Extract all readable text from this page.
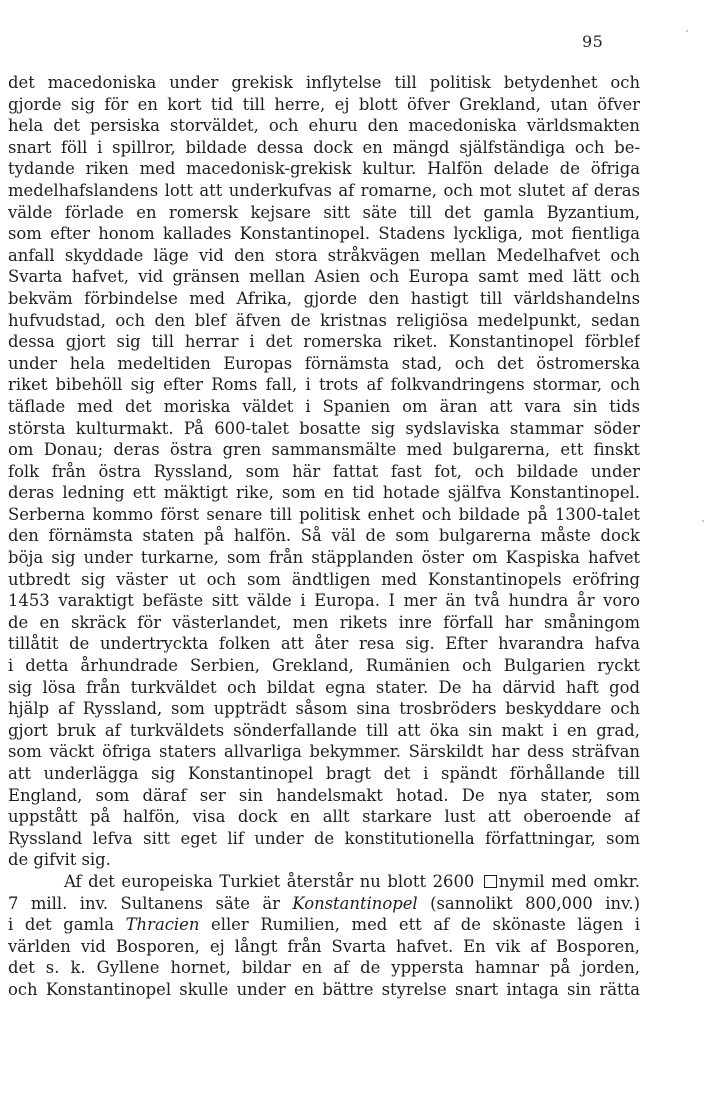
95
det macedoniska under grekisk inflytelse till politisk betydenhet och
gjorde sig för en kort tid till herre, ej blott öfver Grekland, utan öfver
hela det persiska storväldet, och ehuru den macedoniska världsmakten
snart föll i spillror, bildade dessa dock en mängd själfständiga och be-
tydande riken med macedonisk-grekisk kultur. Halfön delade de öfriga
medelhafslandens lott att underkufvas af romarne, och mot slutet af deras
välde förlade en romersk kejsare sitt säte till det gamla Byzantium,
som efter honom kallades Konstantinopel. Stadens lyckliga, mot fientliga
anfall skyddade läge vid den stora stråkvägen mellan Medelhafvet och
Svarta hafvet, vid gränsen mellan Asien och Europa samt med lätt och
bekväm förbindelse med Afrika, gjorde den hastigt till världshandelns
hufvudstad, och den blef äfven de kristnas religiösa medelpunkt, sedan
dessa gjort sig till herrar i det romerska riket. Konstantinopel förblef
under hela medeltiden Europas förnämsta stad, och det östromerska
riket bibehöll sig efter Roms fall, i trots af folkvandringens stormar, och
täflade med det moriska väldet i Spanien om äran att vara sin tids
största kulturmakt. På 600-talet bosatte sig sydslaviska stammar söder
om Donau; deras östra gren sammansmälte med bulgarerna, ett finskt
folk från östra Ryssland, som här fattat fast fot, och bildade under
deras ledning ett mäktigt rike, som en tid hotade själfva Konstantinopel.
Serberna kommo först senare till politisk enhet och bildade på 1300-talet
den förnämsta staten på halfön. Så väl de som bulgarerna måste dock
böja sig under turkarne, som från stäpplanden öster om Kaspiska hafvet
utbredt sig väster ut och som ändtligen med Konstantinopels eröfring
1453 varaktigt befäste sitt välde i Europa. I mer än två hundra år voro
de en skräck för västerlandet, men rikets inre förfall har småningom
tillåtit de undertryckta folken att åter resa sig. Efter hvarandra hafva
i detta århundrade Serbien, Grekland, Rumänien och Bulgarien ryckt
sig lösa från turkväldet och bildat egna stater. De ha därvid haft god
hjälp af Ryssland, som uppträdt såsom sina trosbröders beskyddare och
gjort bruk af turkväldets sönderfallande till att öka sin makt i en grad,
som väckt öfriga staters allvarliga bekymmer. Särskildt har dess sträfvan
att underlägga sig Konstantinopel bragt det i spändt förhållande till
England, som däraf ser sin handelsmakt hotad. De nya stater, som
uppstått på halfön, visa dock en allt starkare lust att oberoende af
Ryssland lefva sitt eget lif under de konstitutionella författningar, som
de gifvit sig.
Af det europeiska Turkiet återstår nu blott 2600 nymil med omkr.
7 mill. inv. Sultanens säte är Konstantinopel (sannolikt 800,000 inv.)
i det gamla Thracien eller Rumilien, med ett af de skönaste lägen i
världen vid Bosporen, ej långt från Svarta hafvet. En vik af Bosporen,
det s. k. Gyllene hornet, bildar en af de yppersta hamnar på jorden,
och Konstantinopel skulle under en bättre styrelse snart intaga sin rätta
